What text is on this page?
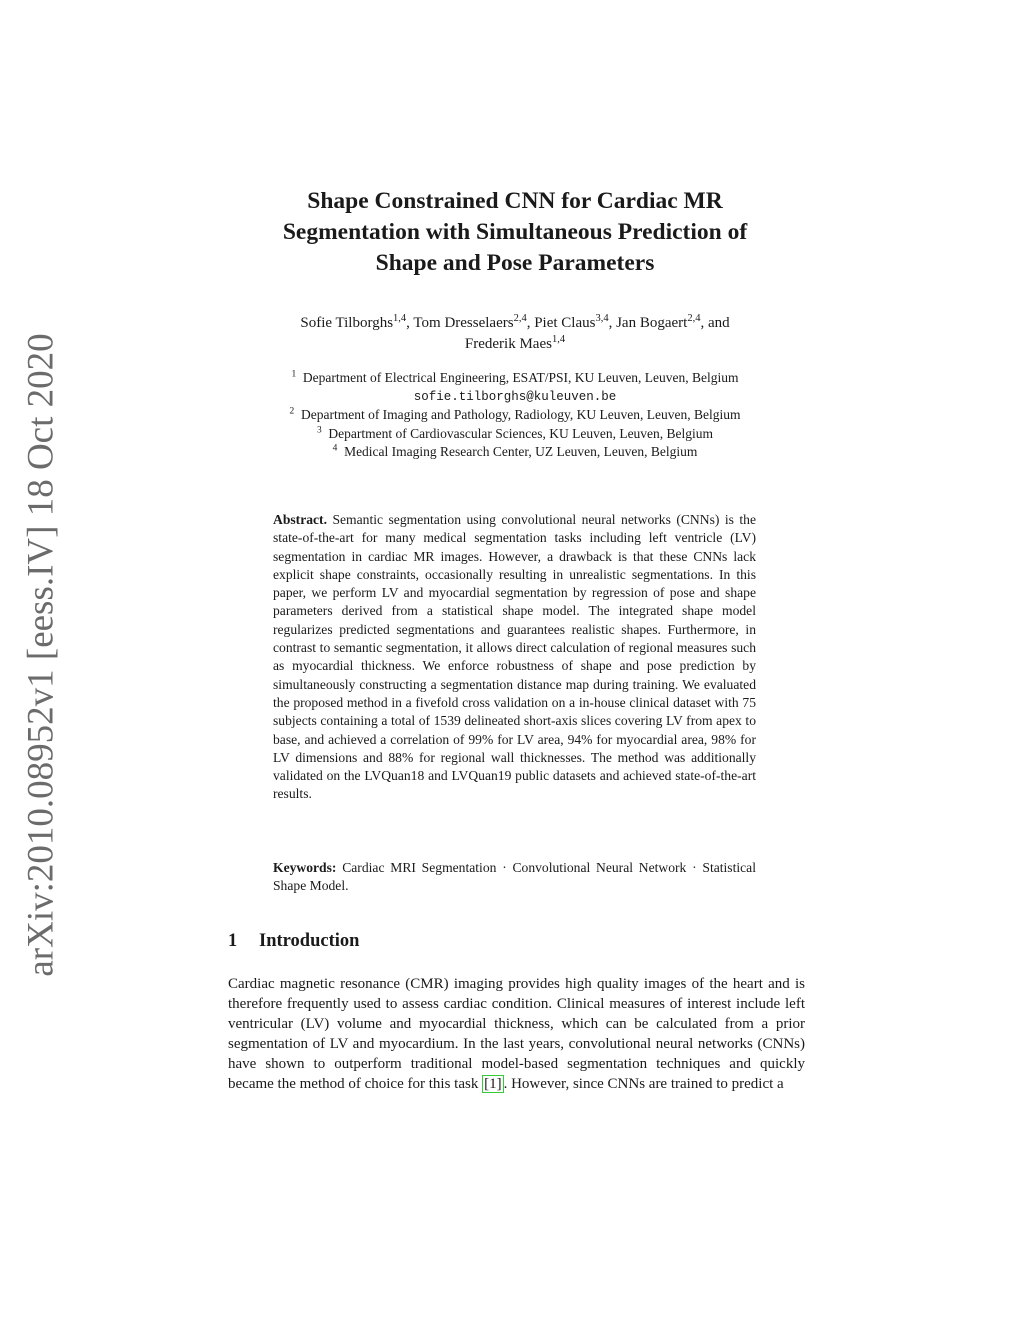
arXiv:2010.08952v1 [eess.IV] 18 Oct 2020
Shape Constrained CNN for Cardiac MR
Segmentation with Simultaneous Prediction of
Shape and Pose Parameters
Sofie Tilborghs$^{1,4}$, Tom Dresselaers$^{2,4}$, Piet Claus$^{3,4}$, Jan Bogaert$^{2,4}$, and
Frederik Maes$^{1,4}$
$^1$ Department of Electrical Engineering, ESAT/PSI, KU Leuven, Leuven, Belgium
sofie.tilborghs@kuleuven.be
$^2$ Department of Imaging and Pathology, Radiology, KU Leuven, Leuven, Belgium
$^3$ Department of Cardiovascular Sciences, KU Leuven, Leuven, Belgium
$^4$ Medical Imaging Research Center, UZ Leuven, Leuven, Belgium
Abstract. Semantic segmentation using convolutional neural networks (CNNs) is the state-of-the-art for many medical segmentation tasks including left ventricle (LV) segmentation in cardiac MR images. However, a drawback is that these CNNs lack explicit shape constraints, occasionally resulting in unrealistic segmentations. In this paper, we perform LV and myocardial segmentation by regression of pose and shape parameters derived from a statistical shape model. The integrated shape model regularizes predicted segmentations and guarantees realistic shapes. Furthermore, in contrast to semantic segmentation, it allows direct calculation of regional measures such as myocardial thickness. We enforce robustness of shape and pose prediction by simultaneously constructing a segmentation distance map during training. We evaluated the proposed method in a fivefold cross validation on a in-house clinical dataset with 75 subjects containing a total of 1539 delineated short-axis slices covering LV from apex to base, and achieved a correlation of 99% for LV area, 94% for myocardial area, 98% for LV dimensions and 88% for regional wall thicknesses. The method was additionally validated on the LVQuan18 and LVQuan19 public datasets and achieved state-of-the-art results.
Keywords: Cardiac MRI Segmentation · Convolutional Neural Network · Statistical Shape Model.
1 Introduction
Cardiac magnetic resonance (CMR) imaging provides high quality images of the heart and is therefore frequently used to assess cardiac condition. Clinical measures of interest include left ventricular (LV) volume and myocardial thickness, which can be calculated from a prior segmentation of LV and myocardium. In the last years, convolutional neural networks (CNNs) have shown to outperform traditional model-based segmentation techniques and quickly became the method of choice for this task [1] . However, since CNNs are trained to predict a
